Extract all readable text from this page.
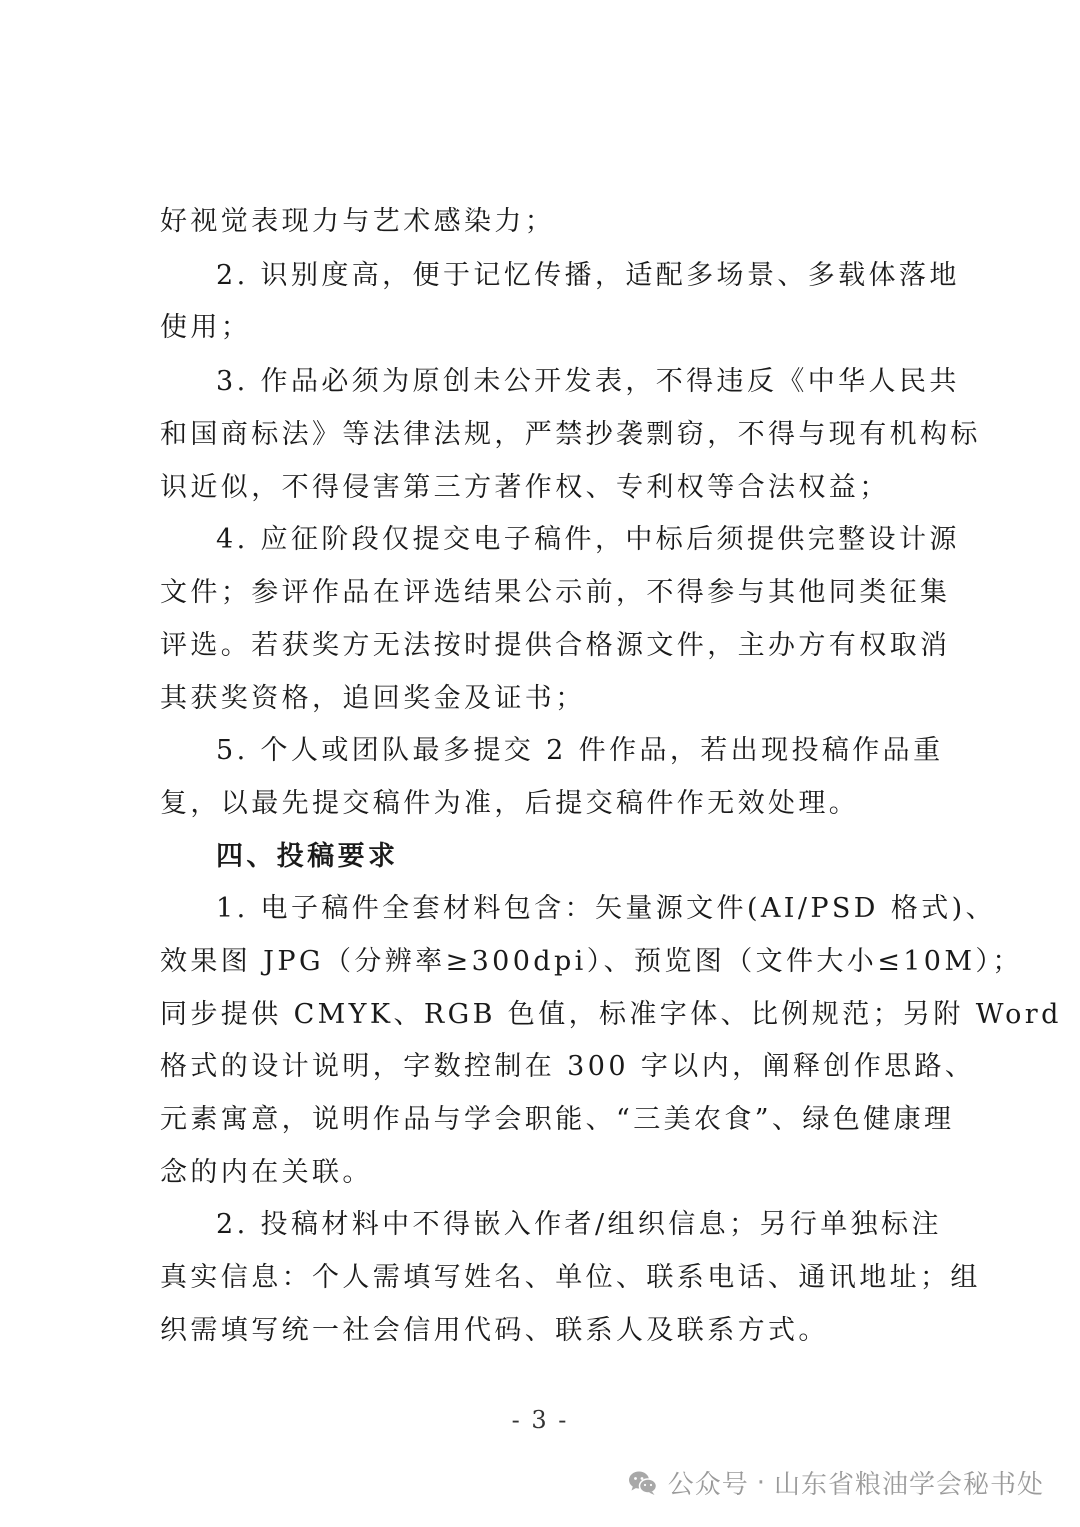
好视觉表现力与艺术感染力；
2. 识别度高，便于记忆传播，适配多场景、多载体落地
使用；
3. 作品必须为原创未公开发表，不得违反《中华人民共
和国商标法》等法律法规，严禁抄袭剽窃，不得与现有机构标
识近似，不得侵害第三方著作权、专利权等合法权益；
4. 应征阶段仅提交电子稿件，中标后须提供完整设计源
文件；参评作品在评选结果公示前，不得参与其他同类征集
评选。若获奖方无法按时提供合格源文件，主办方有权取消
其获奖资格，追回奖金及证书；
5. 个人或团队最多提交 2 件作品，若出现投稿作品重
复，以最先提交稿件为准，后提交稿件作无效处理。
四、投稿要求
1. 电子稿件全套材料包含：矢量源文件(AI/PSD 格式)、
效果图 JPG（分辨率≥300dpi）、预览图（文件大小≤10M）；
同步提供 CMYK、RGB 色值，标准字体、比例规范；另附 Word
格式的设计说明，字数控制在 300 字以内，阐释创作思路、
元素寓意，说明作品与学会职能、“三美农食”、绿色健康理
念的内在关联。
2. 投稿材料中不得嵌入作者/组织信息；另行单独标注
真实信息：个人需填写姓名、单位、联系电话、通讯地址；组
织需填写统一社会信用代码、联系人及联系方式。
- 3 -
公众号 · 山东省粮油学会秘书处
